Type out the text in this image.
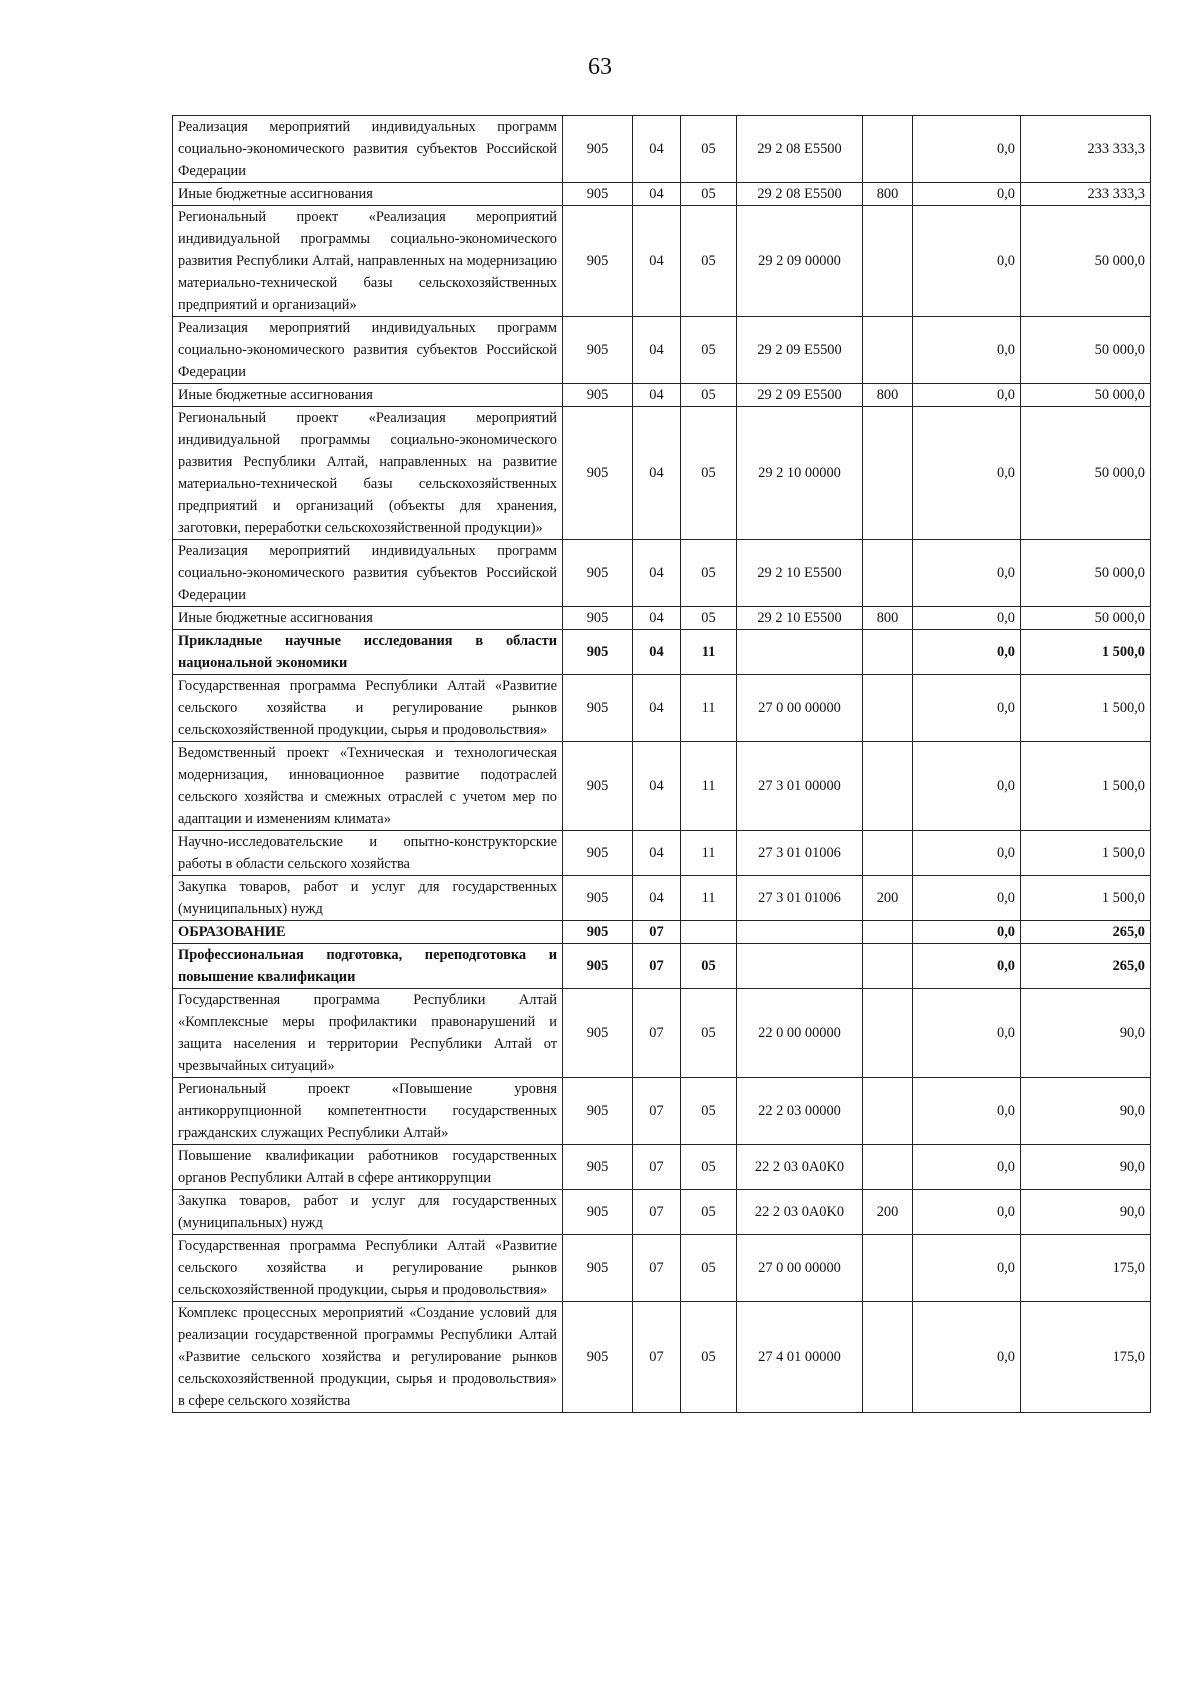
63
Реализация мероприятий индивидуальных программ социально-экономического развития субъектов Российской Федерации	905	04	05	29 2 08 E5500		0,0	233 333,3
Иные бюджетные ассигнования	905	04	05	29 2 08 E5500	800	0,0	233 333,3
Региональный проект «Реализация мероприятий индивидуальной программы социально-экономического развития Республики Алтай, направленных на модернизацию материально-технической базы сельскохозяйственных предприятий и организаций»	905	04	05	29 2 09 00000		0,0	50 000,0
Реализация мероприятий индивидуальных программ социально-экономического развития субъектов Российской Федерации	905	04	05	29 2 09 E5500		0,0	50 000,0
Иные бюджетные ассигнования	905	04	05	29 2 09 E5500	800	0,0	50 000,0
Региональный проект «Реализация мероприятий индивидуальной программы социально-экономического развития Республики Алтай, направленных на развитие материально-технической базы сельскохозяйственных предприятий и организаций (объекты для хранения, заготовки, переработки сельскохозяйственной продукции)»	905	04	05	29 2 10 00000		0,0	50 000,0
Реализация мероприятий индивидуальных программ социально-экономического развития субъектов Российской Федерации	905	04	05	29 2 10 E5500		0,0	50 000,0
Иные бюджетные ассигнования	905	04	05	29 2 10 E5500	800	0,0	50 000,0
Прикладные научные исследования в области национальной экономики	905	04	11			0,0	1 500,0
Государственная программа Республики Алтай «Развитие сельского хозяйства и регулирование рынков сельскохозяйственной продукции, сырья и продовольствия»	905	04	11	27 0 00 00000		0,0	1 500,0
Ведомственный проект «Техническая и технологическая модернизация, инновационное развитие подотраслей сельского хозяйства и смежных отраслей с учетом мер по адаптации и изменениям климата»	905	04	11	27 3 01 00000		0,0	1 500,0
Научно-исследовательские и опытно-конструкторские работы в области сельского хозяйства	905	04	11	27 3 01 01006		0,0	1 500,0
Закупка товаров, работ и услуг для государственных (муниципальных) нужд	905	04	11	27 3 01 01006	200	0,0	1 500,0
ОБРАЗОВАНИЕ	905	07				0,0	265,0
Профессиональная подготовка, переподготовка и повышение квалификации	905	07	05			0,0	265,0
Государственная программа Республики Алтай «Комплексные меры профилактики правонарушений и защита населения и территории Республики Алтай от чрезвычайных ситуаций»	905	07	05	22 0 00 00000		0,0	90,0
Региональный проект «Повышение уровня антикоррупционной компетентности государственных гражданских служащих Республики Алтай»	905	07	05	22 2 03 00000		0,0	90,0
Повышение квалификации работников государственных органов Республики Алтай в сфере антикоррупции	905	07	05	22 2 03 0A0K0		0,0	90,0
Закупка товаров, работ и услуг для государственных (муниципальных) нужд	905	07	05	22 2 03 0A0K0	200	0,0	90,0
Государственная программа Республики Алтай «Развитие сельского хозяйства и регулирование рынков сельскохозяйственной продукции, сырья и продовольствия»	905	07	05	27 0 00 00000		0,0	175,0
Комплекс процессных мероприятий «Создание условий для реализации государственной программы Республики Алтай «Развитие сельского хозяйства и регулирование рынков сельскохозяйственной продукции, сырья и продовольствия» в сфере сельского хозяйства	905	07	05	27 4 01 00000		0,0	175,0
